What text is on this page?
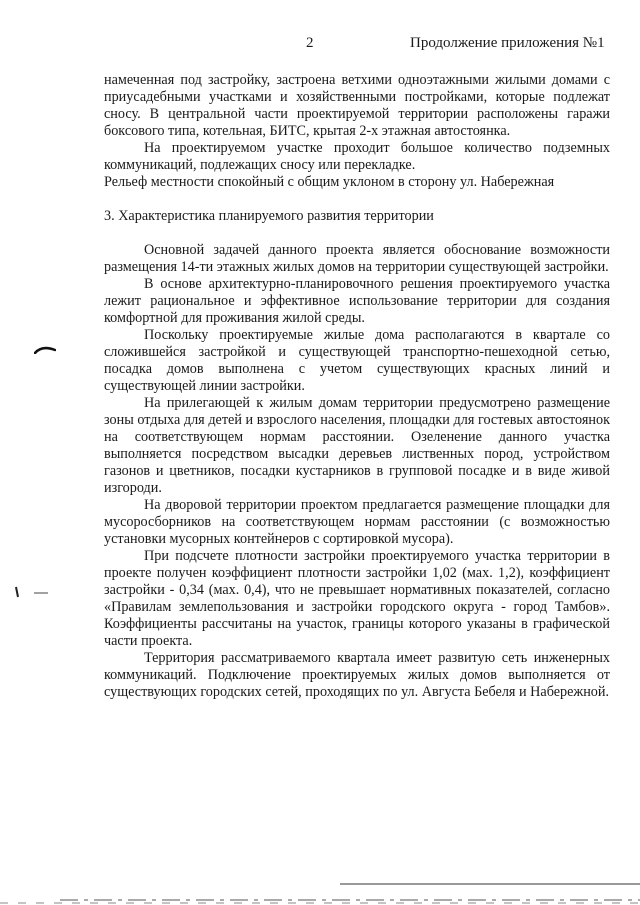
2	Продолжение приложения №1

намеченная под застройку, застроена ветхими одноэтажными жилыми домами с приусадебными участками и хозяйственными постройками, которые подлежат сносу. В центральной части проектируемой территории расположены гаражи боксового типа, котельная, БИТС, крытая 2-х этажная автостоянка.

На проектируемом участке проходит большое количество подземных коммуникаций, подлежащих сносу или перекладке.

Рельеф местности спокойный с общим уклоном в сторону ул. Набережная

3. Характеристика планируемого развития территории

Основной задачей данного проекта является обоснование возможности размещения 14-ти этажных жилых домов на территории существующей застройки.

В основе архитектурно-планировочного решения проектируемого участка лежит рациональное и эффективное использование территории для создания комфортной для проживания жилой среды.

Поскольку проектируемые жилые дома располагаются в квартале со сложившейся застройкой и существующей транспортно-пешеходной сетью, посадка домов выполнена с учетом существующих красных линий и существующей линии застройки.

На прилегающей к жилым домам территории предусмотрено размещение зоны отдыха для детей и взрослого населения, площадки для гостевых автостоянок на соответствующем нормам расстоянии. Озеленение данного участка выполняется посредством высадки деревьев лиственных пород, устройством газонов и цветников, посадки кустарников в групповой посадке и в виде живой изгороди.

На дворовой территории проектом предлагается размещение площадки для мусоросборников на соответствующем нормам расстоянии (с возможностью установки мусорных контейнеров с сортировкой мусора).

При подсчете плотности застройки проектируемого участка территории в проекте получен коэффициент плотности застройки 1,02 (мах. 1,2), коэффициент застройки - 0,34 (мах. 0,4), что не превышает нормативных показателей, согласно «Правилам землепользования и застройки городского округа - город Тамбов». Коэффициенты рассчитаны на участок, границы которого указаны в графической части проекта.

Территория рассматриваемого квартала имеет развитую сеть инженерных коммуникаций. Подключение проектируемых жилых домов выполняется от существующих городских сетей, проходящих по ул. Августа Бебеля и Набережной.
